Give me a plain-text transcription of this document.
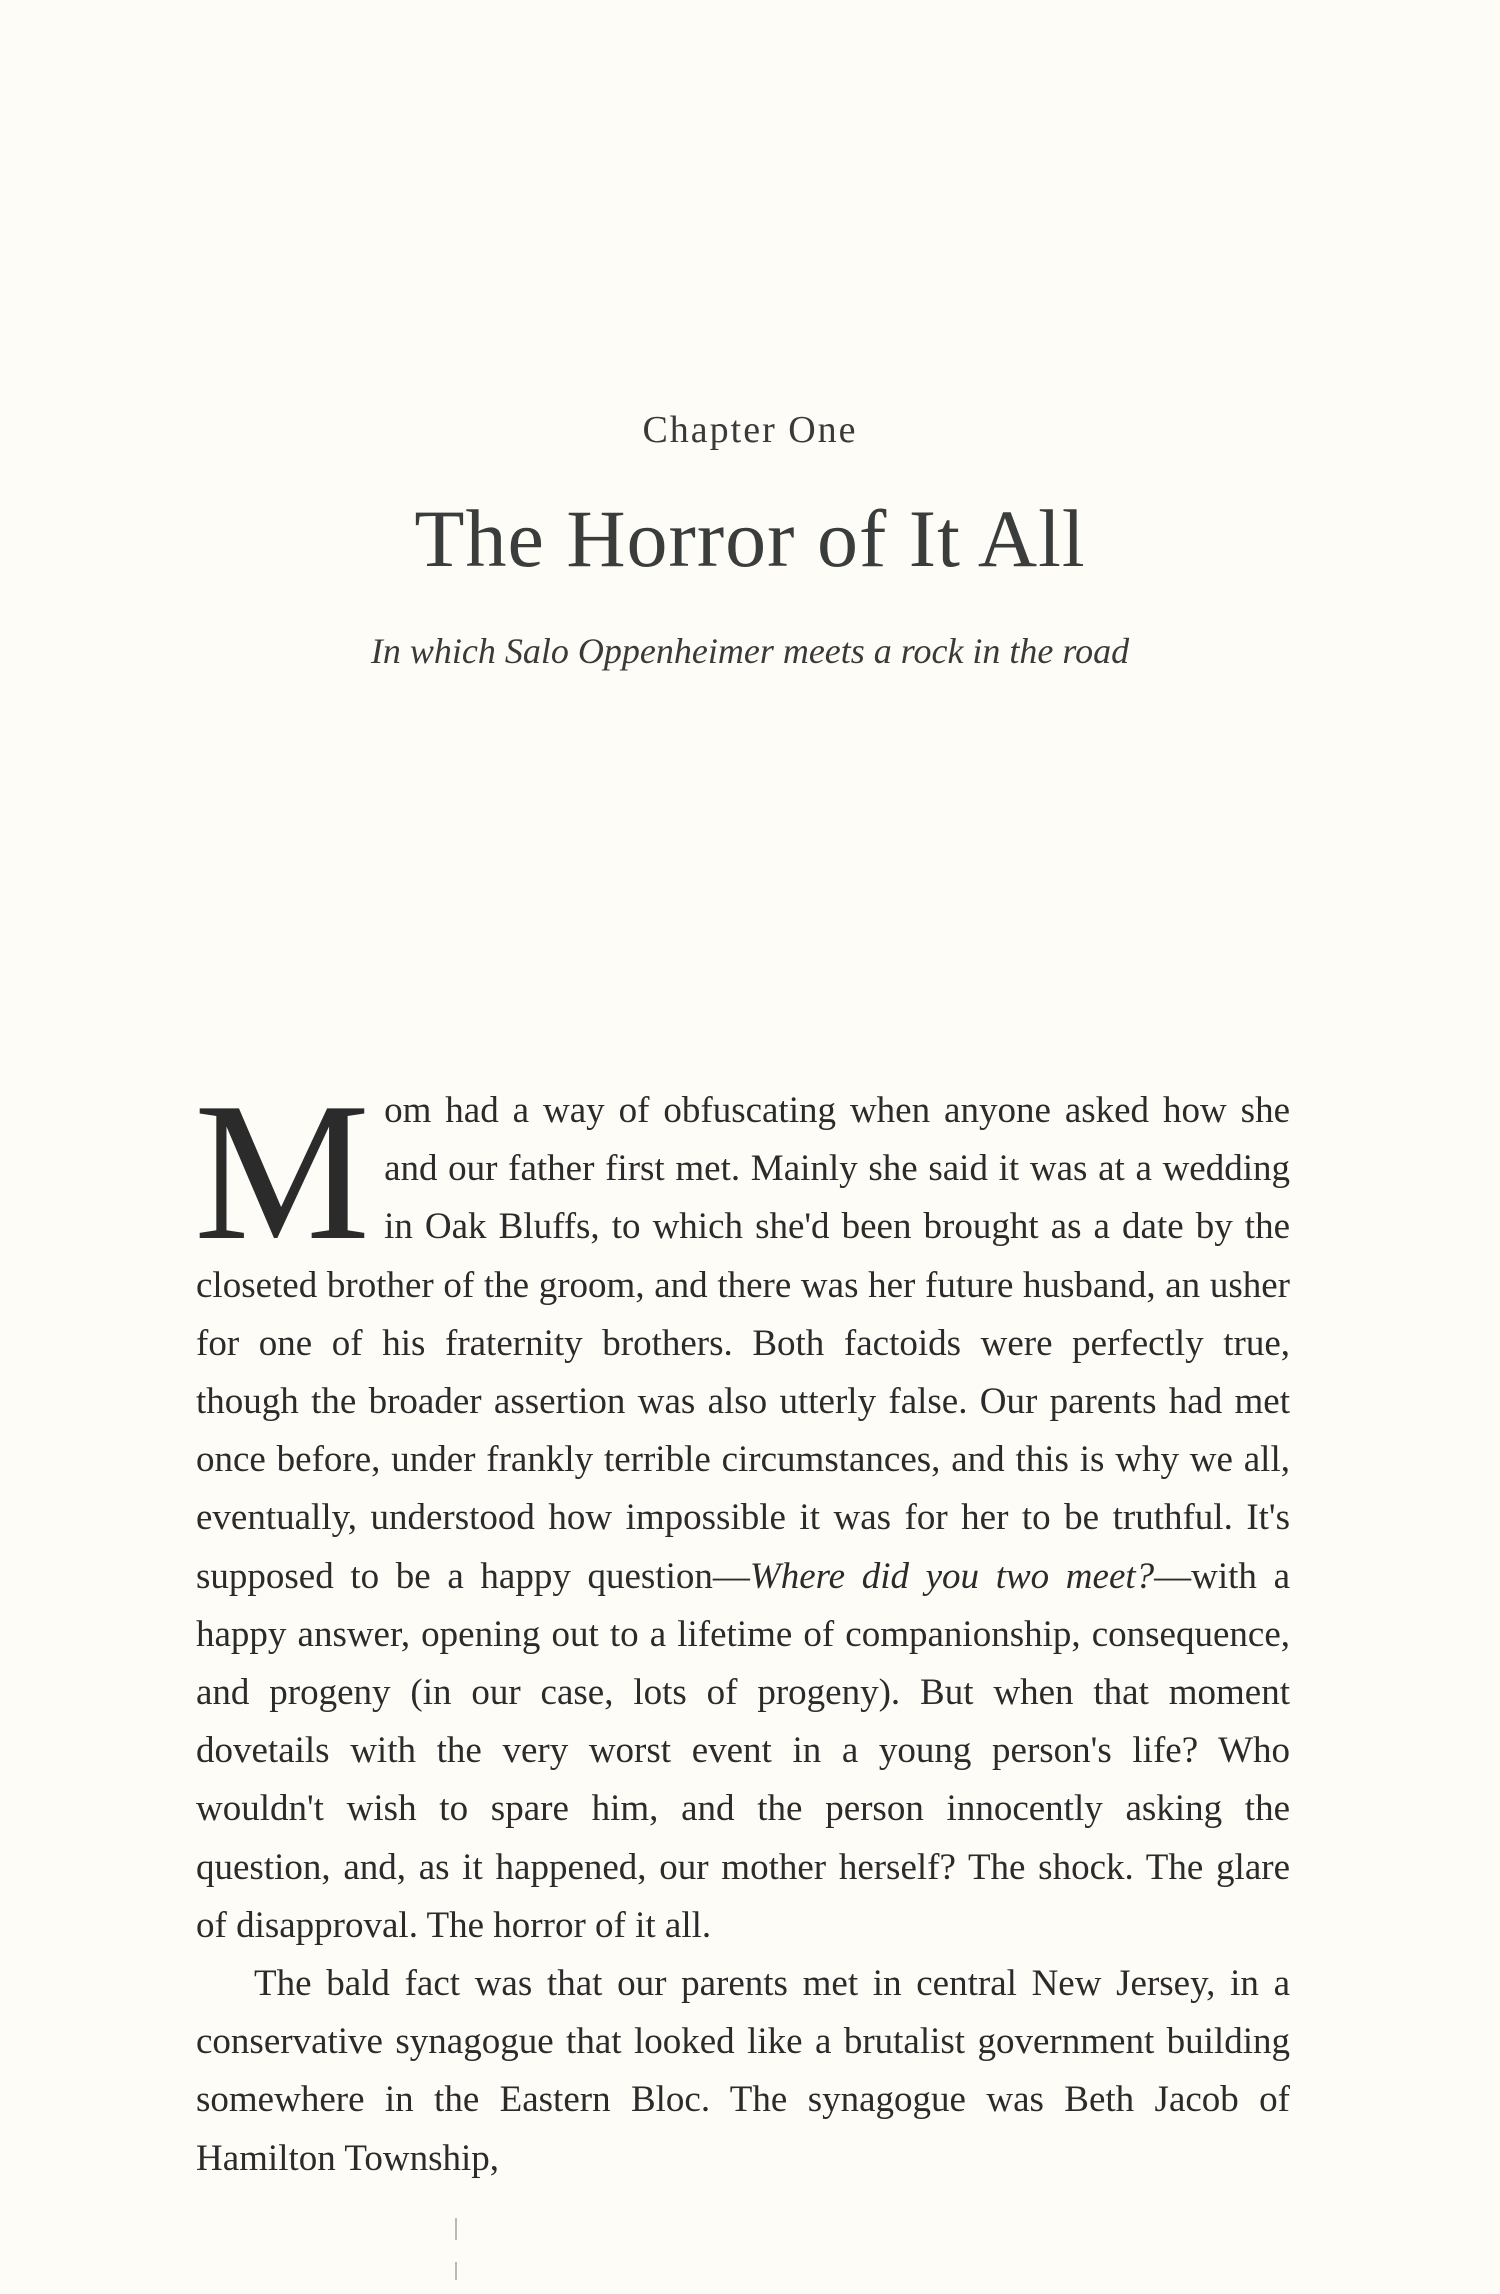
Chapter One
The Horror of It All
In which Salo Oppenheimer meets a rock in the road

Mom had a way of obfuscating when anyone asked how she and our father first met. Mainly she said it was at a wedding in Oak Bluffs, to which she'd been brought as a date by the closeted brother of the groom, and there was her future husband, an usher for one of his fraternity brothers. Both factoids were perfectly true, though the broader assertion was also utterly false. Our parents had met once before, under frankly terrible circumstances, and this is why we all, eventually, understood how impossible it was for her to be truthful. It's supposed to be a happy question—Where did you two meet?—with a happy answer, opening out to a lifetime of companionship, consequence, and progeny (in our case, lots of progeny). But when that moment dovetails with the very worst event in a young person's life? Who wouldn't wish to spare him, and the person innocently asking the question, and, as it happened, our mother herself? The shock. The glare of disapproval. The horror of it all.

The bald fact was that our parents met in central New Jersey, in a conservative synagogue that looked like a brutalist government building somewhere in the Eastern Bloc. The synagogue was Beth Jacob of Hamilton Township,
